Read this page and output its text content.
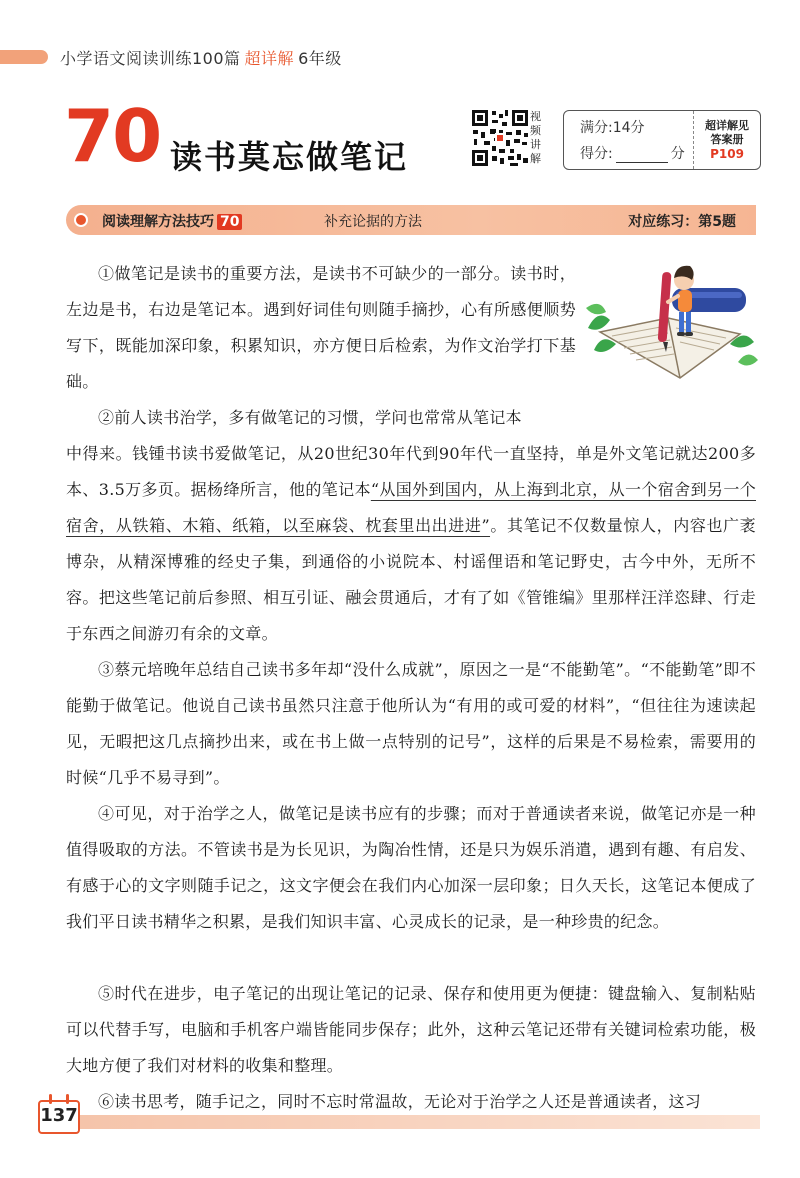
小学语文阅读训练100篇 超详解 6年级
70 读书莫忘做笔记
视频讲解
满分:14分
得分:	分
超详解见
答案册
P109
阅读理解方法技巧 70	补充论据的方法	对应练习：第5题
①做笔记是读书的重要方法，是读书不可缺少的一部分。读书时，左边是书，右边是笔记本。遇到好词佳句则随手摘抄，心有所感便顺势写下，既能加深印象，积累知识，亦方便日后检索，为作文治学打下基础。
②前人读书治学，多有做笔记的习惯，学问也常常从笔记本
中得来。钱锺书读书爱做笔记，从20世纪30年代到90年代一直坚持，单是外文笔记就达200多本、3.5万多页。据杨绛所言，他的笔记本“从国外到国内，从上海到北京，从一个宿舍到另一个宿舍，从铁箱、木箱、纸箱，以至麻袋、枕套里出出进进”。其笔记不仅数量惊人，内容也广袤博杂，从精深博雅的经史子集，到通俗的小说院本、村谣俚语和笔记野史，古今中外，无所不容。把这些笔记前后参照、相互引证、融会贯通后，才有了如《管锥编》里那样汪洋恣肆、行走于东西之间游刃有余的文章。
③蔡元培晚年总结自己读书多年却“没什么成就”，原因之一是“不能勤笔”。“不能勤笔”即不能勤于做笔记。他说自己读书虽然只注意于他所认为“有用的或可爱的材料”，“但往往为速读起见，无暇把这几点摘抄出来，或在书上做一点特别的记号”，这样的后果是不易检索，需要用的时候“几乎不易寻到”。
④可见，对于治学之人，做笔记是读书应有的步骤；而对于普通读者来说，做笔记亦是一种值得吸取的方法。不管读书是为长见识，为陶冶性情，还是只为娱乐消遣，遇到有趣、有启发、有感于心的文字则随手记之，这文字便会在我们内心加深一层印象；日久天长，这笔记本便成了我们平日读书精华之积累，是我们知识丰富、心灵成长的记录，是一种珍贵的纪念。
⑤时代在进步，电子笔记的出现让笔记的记录、保存和使用更为便捷：键盘输入、复制粘贴可以代替手写，电脑和手机客户端皆能同步保存；此外，这种云笔记还带有关键词检索功能，极大地方便了我们对材料的收集和整理。
⑥读书思考，随手记之，同时不忘时常温故，无论对于治学之人还是普通读者，这习
137
